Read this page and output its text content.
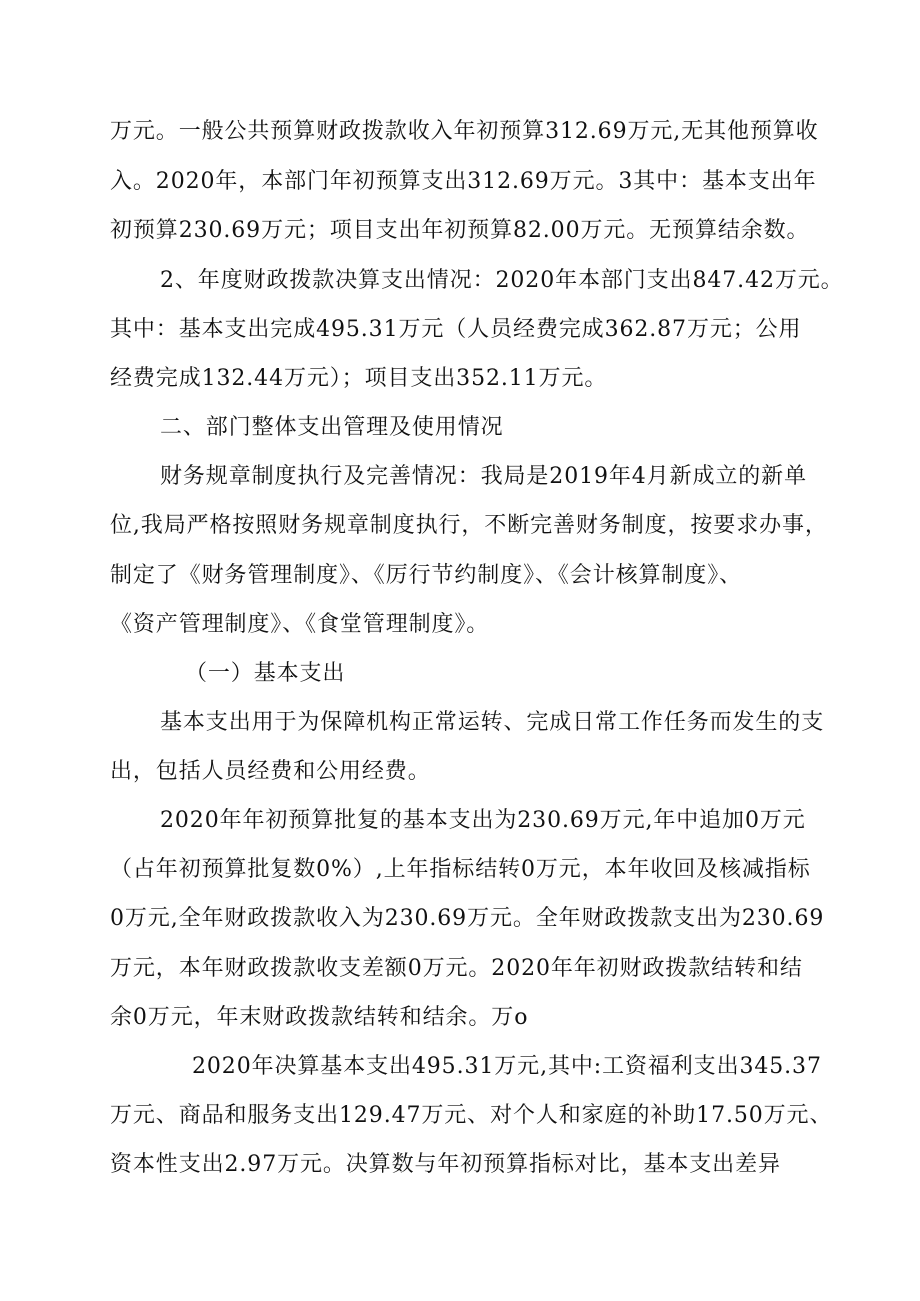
万元。一般公共预算财政拨款收入年初预算312.69万元,无其他预算收
入。2020年，本部门年初预算支出312.69万元。3其中：基本支出年
初预算230.69万元；项目支出年初预算82.00万元。无预算结余数。
2、年度财政拨款决算支出情况：2020年本部门支出847.42万元。
其中：基本支出完成495.31万元（人员经费完成362.87万元；公用
经费完成132.44万元）；项目支出352.11万元。
二、部门整体支出管理及使用情况
财务规章制度执行及完善情况：我局是2019年4月新成立的新单
位,我局严格按照财务规章制度执行，不断完善财务制度，按要求办事，
制定了《财务管理制度》、《厉行节约制度》、《会计核算制度》、
《资产管理制度》、《食堂管理制度》。
（一）基本支出
基本支出用于为保障机构正常运转、完成日常工作任务而发生的支
出，包括人员经费和公用经费。
2020年年初预算批复的基本支出为230.69万元,年中追加0万元
（占年初预算批复数0%）,上年指标结转0万元，本年收回及核减指标
0万元,全年财政拨款收入为230.69万元。全年财政拨款支出为230.69
万元，本年财政拨款收支差额0万元。2020年年初财政拨款结转和结
余0万元，年末财政拨款结转和结余。万o
2020年决算基本支出495.31万元,其中:工资福利支出345.37
万元、商品和服务支出129.47万元、对个人和家庭的补助17.50万元、
资本性支出2.97万元。决算数与年初预算指标对比，基本支出差异
